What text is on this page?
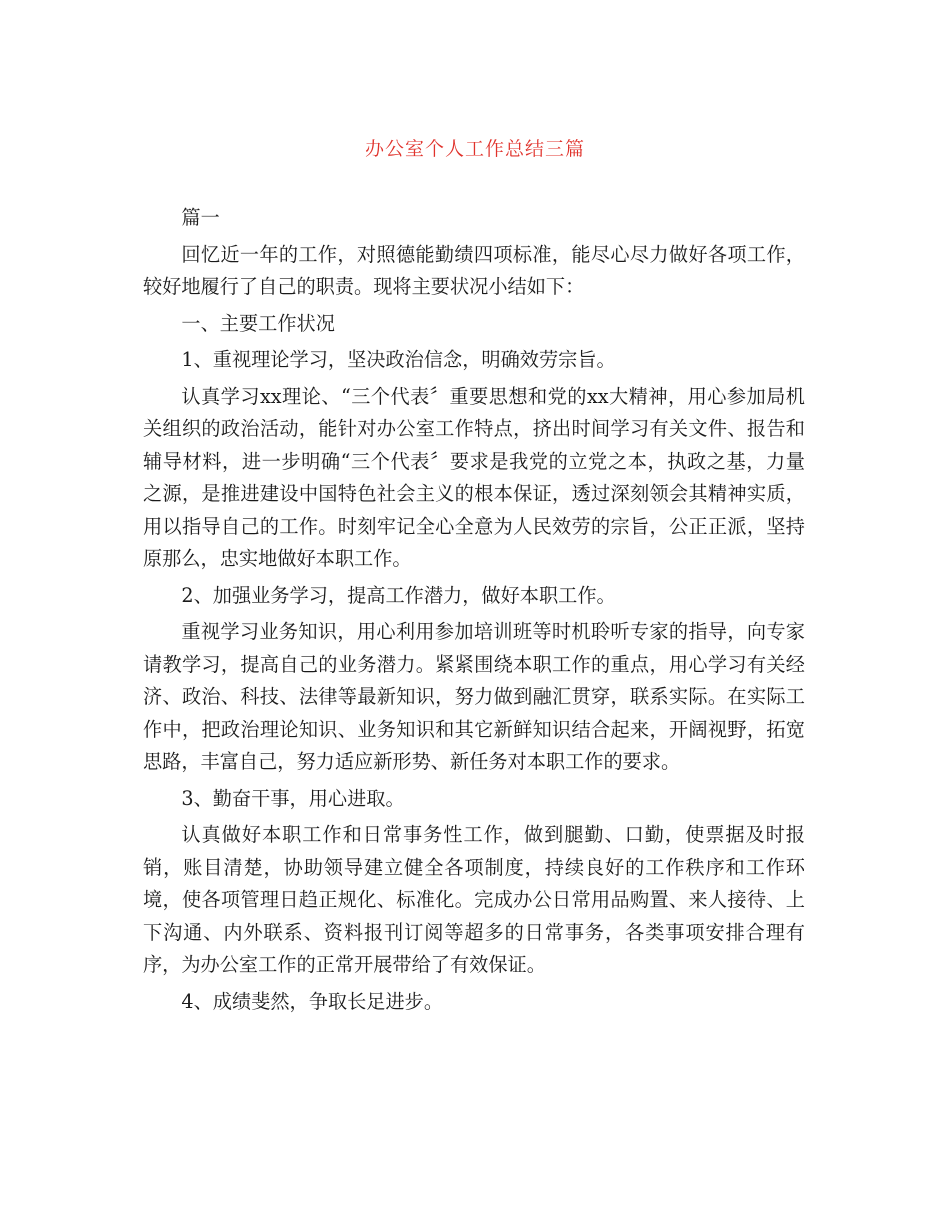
办公室个人工作总结三篇

篇一

回忆近一年的工作，对照德能勤绩四项标准，能尽心尽力做好各项工作，较好地履行了自己的职责。现将主要状况小结如下：

一、主要工作状况

1、重视理论学习，坚决政治信念，明确效劳宗旨。

认真学习xx理论、“三个代表〞重要思想和党的xx大精神，用心参加局机关组织的政治活动，能针对办公室工作特点，挤出时间学习有关文件、报告和辅导材料，进一步明确“三个代表〞要求是我党的立党之本，执政之基，力量之源，是推进建设中国特色社会主义的根本保证，透过深刻领会其精神实质，用以指导自己的工作。时刻牢记全心全意为人民效劳的宗旨，公正正派，坚持原那么，忠实地做好本职工作。

2、加强业务学习，提高工作潜力，做好本职工作。

重视学习业务知识，用心利用参加培训班等时机聆听专家的指导，向专家请教学习，提高自己的业务潜力。紧紧围绕本职工作的重点，用心学习有关经济、政治、科技、法律等最新知识，努力做到融汇贯穿，联系实际。在实际工作中，把政治理论知识、业务知识和其它新鲜知识结合起来，开阔视野，拓宽思路，丰富自己，努力适应新形势、新任务对本职工作的要求。

3、勤奋干事，用心进取。

认真做好本职工作和日常事务性工作，做到腿勤、口勤，使票据及时报销，账目清楚，协助领导建立健全各项制度，持续良好的工作秩序和工作环境，使各项管理日趋正规化、标准化。完成办公日常用品购置、来人接待、上下沟通、内外联系、资料报刊订阅等超多的日常事务，各类事项安排合理有序，为办公室工作的正常开展带给了有效保证。

4、成绩斐然，争取长足进步。
